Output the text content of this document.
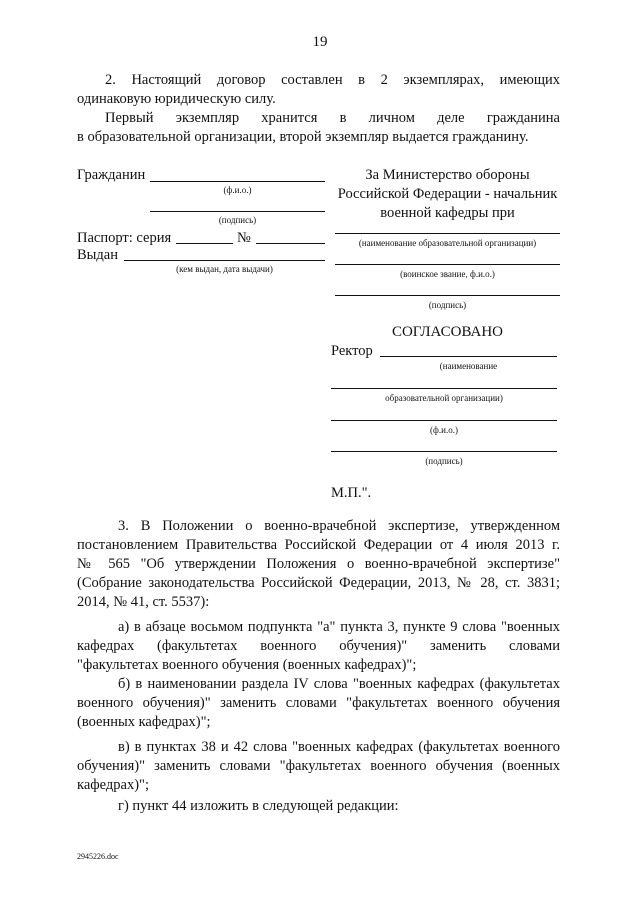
19
2. Настоящий договор составлен в 2 экземплярах, имеющих
одинаковую юридическую силу.
Первый экземпляр хранится в личном деле гражданина
в образовательной организации, второй экземпляр выдается гражданину.
Гражданин
(ф.и.о.)
(подпись)
Паспорт: серия	№
Выдан
(кем выдан, дата выдачи)
За Министерство обороны
Российской Федерации - начальник
военной кафедры при
(наименование образовательной организации)
(воинское звание, ф.и.о.)
(подпись)
СОГЛАСОВАНО
Ректор
(наименование
образовательной организации)
(ф.и.о.)
(подпись)
М.П.".
3. В Положении о военно-врачебной экспертизе, утвержденном
постановлением Правительства Российской Федерации от 4 июля 2013 г.
№ 565 "Об утверждении Положения о военно-врачебной экспертизе"
(Собрание законодательства Российской Федерации, 2013, № 28, ст. 3831;
2014, № 41, ст. 5537):
а) в абзаце восьмом подпункта "а" пункта 3, пункте 9 слова "военных
кафедрах (факультетах военного обучения)" заменить словами
"факультетах военного обучения (военных кафедрах)";
б) в наименовании раздела IV слова "военных кафедрах (факультетах
военного обучения)" заменить словами "факультетах военного обучения
(военных кафедрах)";
в) в пунктах 38 и 42 слова "военных кафедрах (факультетах военного
обучения)" заменить словами "факультетах военного обучения (военных
кафедрах)";
г) пункт 44 изложить в следующей редакции:
2945226.doc
